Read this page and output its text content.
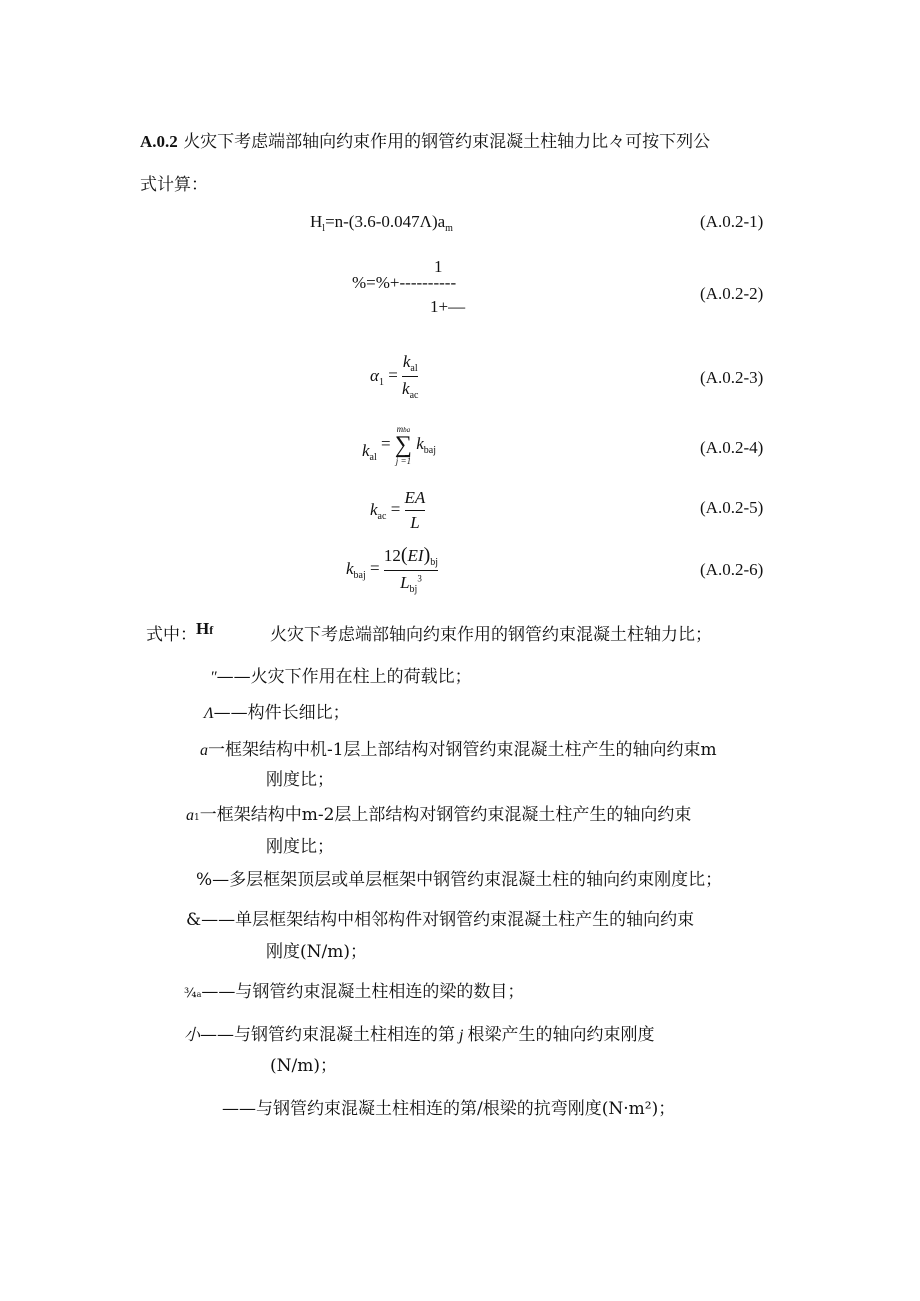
A.0.2 火灾下考虑端部轴向约束作用的钢管约束混凝土柱轴力比々可按下列公
式计算：
$H_l=n-(3.6-0.047\Lambda)a_m$	(A.0.2-1)
1
%=%+----------
1+—
(A.0.2-2)
$\alpha_1 = \frac{k_{al}}{k_{ac}}$	(A.0.2-3)
$k_{al}$ =
mba
∑
j =1
$k_{baj}$	(A.0.2-4)
$k_{ac} = \frac{EA}{L}$	(A.0.2-5)
$k_{baj} = \frac{12(EI)_{bj}}{L_{bj}^3}$	(A.0.2-6)
式中： Hf	火灾下考虑端部轴向约束作用的钢管约束混凝土柱轴力比；
″——火灾下作用在柱上的荷载比；
Λ——构件长细比；
a一框架结构中机-1层上部结构对钢管约束混凝土柱产生的轴向约束m
刚度比；
a1一框架结构中m-2层上部结构对钢管约束混凝土柱产生的轴向约束
刚度比；
%—多层框架顶层或单层框架中钢管约束混凝土柱的轴向约束刚度比；
&——单层框架结构中相邻构件对钢管约束混凝土柱产生的轴向约束
刚度(N/m)；
¾a——与钢管约束混凝土柱相连的梁的数目；
小——与钢管约束混凝土柱相连的第 j 根梁产生的轴向约束刚度
(N/m)；
——与钢管约束混凝土柱相连的第/根梁的抗弯刚度(N·m²)；
